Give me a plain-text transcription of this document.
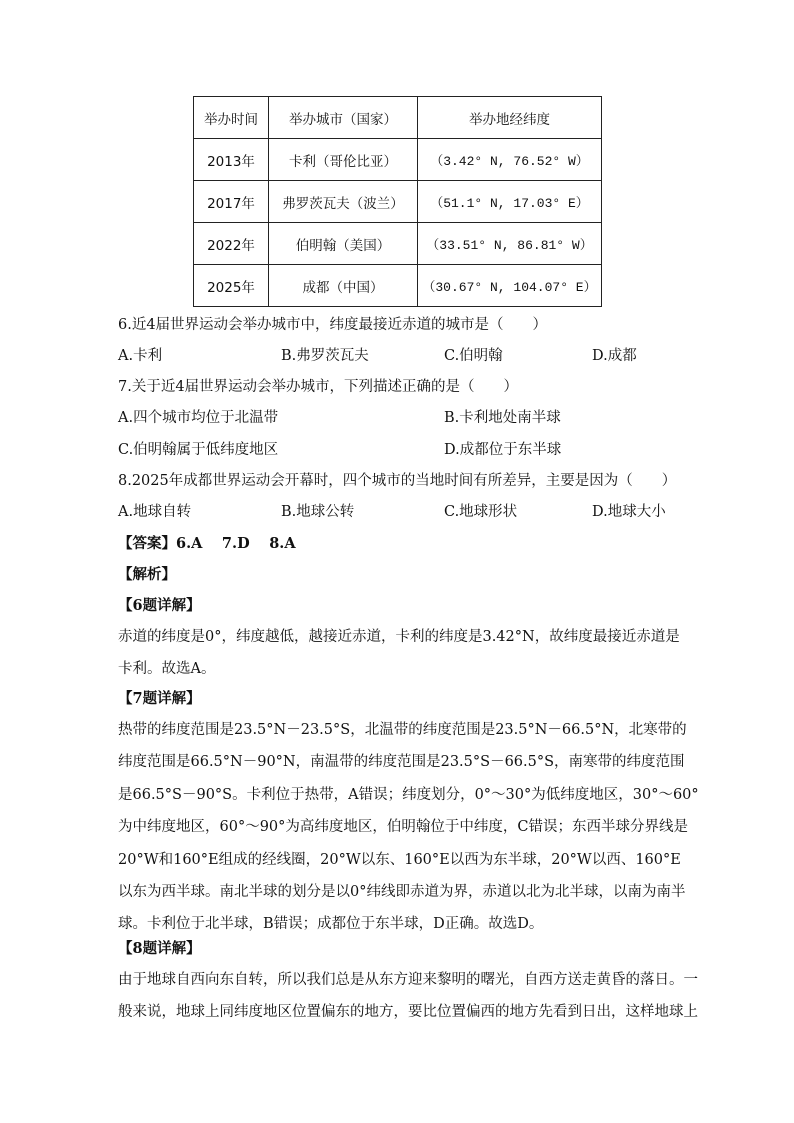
举办时间	举办城市（国家）	举办地经纬度
2013年	卡利（哥伦比亚）	（3.42° N, 76.52° W）
2017年	弗罗茨瓦夫（波兰）	（51.1° N, 17.03° E）
2022年	伯明翰（美国）	（33.51° N, 86.81° W）
2025年	成都（中国）	（30.67° N, 104.07° E）
6.近4届世界运动会举办城市中，纬度最接近赤道的城市是（　　）
A.卡利	B.弗罗茨瓦夫	C.伯明翰	D.成都
7.关于近4届世界运动会举办城市，下列描述正确的是（　　）
A.四个城市均位于北温带	B.卡利地处南半球
C.伯明翰属于低纬度地区	D.成都位于东半球
8.2025年成都世界运动会开幕时，四个城市的当地时间有所差异，主要是因为（　　）
A.地球自转	B.地球公转	C.地球形状	D.地球大小
【答案】6.A　 7.D　 8.A
【解析】
【6题详解】
赤道的纬度是0°，纬度越低，越接近赤道，卡利的纬度是3.42°N，故纬度最接近赤道是
卡利。故选A。
【7题详解】
热带的纬度范围是23.5°N－23.5°S，北温带的纬度范围是23.5°N－66.5°N，北寒带的
纬度范围是66.5°N－90°N，南温带的纬度范围是23.5°S－66.5°S，南寒带的纬度范围
是66.5°S－90°S。卡利位于热带，A错误；纬度划分，0°～30°为低纬度地区，30°～60°
为中纬度地区，60°～90°为高纬度地区，伯明翰位于中纬度，C错误；东西半球分界线是
20°W和160°E组成的经线圈，20°W以东、160°E以西为东半球，20°W以西、160°E
以东为西半球。南北半球的划分是以0°纬线即赤道为界，赤道以北为北半球，以南为南半
球。卡利位于北半球，B错误；成都位于东半球，D正确。故选D。
【8题详解】
由于地球自西向东自转，所以我们总是从东方迎来黎明的曙光，自西方送走黄昏的落日。一
般来说，地球上同纬度地区位置偏东的地方，要比位置偏西的地方先看到日出，这样地球上
